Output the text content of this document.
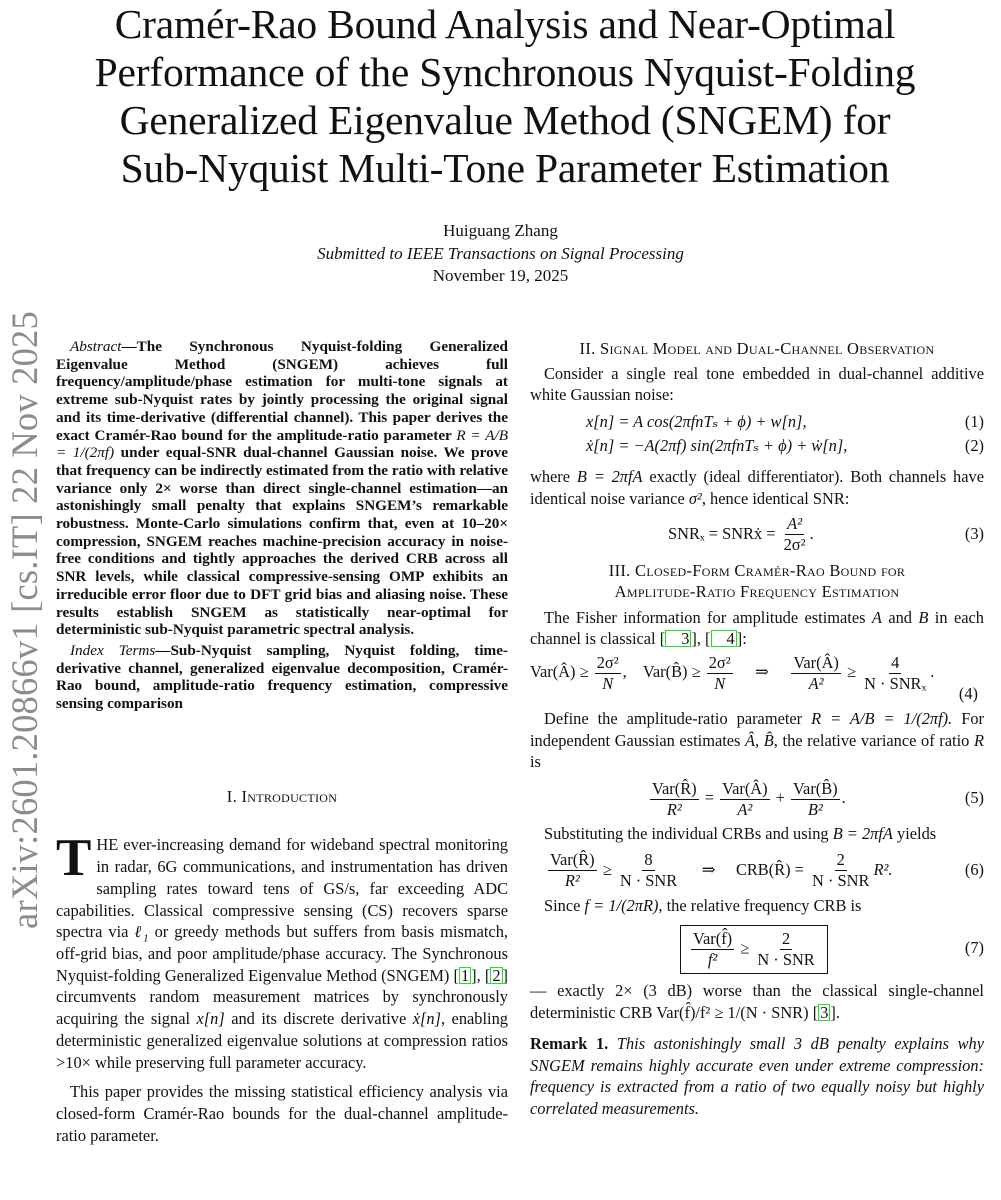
Cramér-Rao Bound Analysis and Near-Optimal
Performance of the Synchronous Nyquist-Folding
Generalized Eigenvalue Method (SNGEM) for
Sub-Nyquist Multi-Tone Parameter Estimation
Huiguang Zhang
Submitted to IEEE Transactions on Signal Processing
November 19, 2025
arXiv:2601.20866v1 [cs.IT] 22 Nov 2025	Abstract—The Synchronous Nyquist-folding Generalized Eigenvalue Method (SNGEM) achieves full frequency/amplitude/phase estimation for multi-tone signals at extreme sub-Nyquist rates by jointly processing the original signal and its time-derivative (differential channel). This paper derives the exact Cramér-Rao bound for the amplitude-ratio parameter R = A/B = 1/(2πf) under equal-SNR dual-channel Gaussian noise. We prove that frequency can be indirectly estimated from the ratio with relative variance only 2× worse than direct single-channel estimation—an astonishingly small penalty that explains SNGEM’s remarkable robustness. Monte-Carlo simulations confirm that, even at 10–20× compression, SNGEM reaches machine-precision accuracy in noise-free conditions and tightly approaches the derived CRB across all SNR levels, while classical compressive-sensing OMP exhibits an irreducible error floor due to DFT grid bias and aliasing noise. These results establish SNGEM as statistically near-optimal for deterministic sub-Nyquist parametric spectral analysis.

Index Terms—Sub-Nyquist sampling, Nyquist folding, time-derivative channel, generalized eigenvalue decomposition, Cramér-Rao bound, amplitude-ratio frequency estimation, compressive sensing comparison

I. Introduction

THE ever-increasing demand for wideband spectral monitoring in radar, 6G communications, and instrumentation has driven sampling rates toward tens of GS/s, far exceeding ADC capabilities. Classical compressive sensing (CS) recovers sparse spectra via ℓ$_1$ or greedy methods but suffers from basis mismatch, off-grid bias, and poor amplitude/phase accuracy. The Synchronous Nyquist-folding Generalized Eigenvalue Method (SNGEM) [ 1 ], [ 2 ] circumvents random measurement matrices by synchronously acquiring the signal x[n] and its discrete derivative ẋ[n], enabling deterministic generalized eigenvalue solutions at compression ratios >10× while preserving full parameter accuracy.

This paper provides the missing statistical efficiency analysis via closed-form Cramér-Rao bounds for the dual-channel amplitude-ratio parameter.

II. Signal Model and Dual-Channel Observation

Consider a single real tone embedded in dual-channel additive white Gaussian noise:

x[n] = A cos(2πfnTₛ + ϕ) + w[n],	(1)
ẋ[n] = −A(2πf) sin(2πfnTₛ + ϕ) + ẇ[n],	(2)

where B = 2πfA exactly (ideal differentiator). Both channels have identical noise variance σ², hence identical SNR:

SNRₓ = SNRẋ = $\frac{\text{A²}}{\text{2σ²}}$ .	(3)
III. Closed-Form Cramér-Rao Bound for
Amplitude-Ratio Frequency Estimation

The Fisher information for amplitude estimates A and B in each channel is classical [ 3 ], [ 4 ]:

Var(Â) ≥ $\frac{\text{2σ²}}{N}$ ,    Var(B̂) ≥ $\frac{\text{2σ²}}{N}$ ⇒ $\frac{\text{Var(Â)}}{\text{A²}} \ge \frac{4}{\text{N · SNRₓ}}$ .
(4)

Define the amplitude-ratio parameter R = A/B = 1/(2πf). For independent Gaussian estimates Â, B̂, the relative variance of ratio R is

$\frac{\text{Var(R̂)}}{\text{R²}} = \frac{\text{Var(Â)}}{\text{A²}} + \frac{\text{Var(B̂)}}{\text{B²}}$ .	(5)

Substituting the individual CRBs and using B = 2πfA yields

$\frac{\text{Var(R̂)}}{\text{R²}} \ge \frac{8}{\text{N · SNR}}$ ⇒ CRB(R̂) = $\frac{2}{\text{N · SNR}} R^2$.	(6)

Since f = 1/(2πR), the relative frequency CRB is

$\frac{\text{Var(f̂)}}{\text{f²}} \ge \frac{2}{\text{N · SNR}}$	(7)

— exactly 2× (3 dB) worse than the classical single-channel deterministic CRB Var(f̂)/f² ≥ 1/(N · SNR) [ 3 ].

Remark 1. This astonishingly small 3 dB penalty explains why SNGEM remains highly accurate even under extreme compression: frequency is extracted from a ratio of two equally noisy but highly correlated measurements.
